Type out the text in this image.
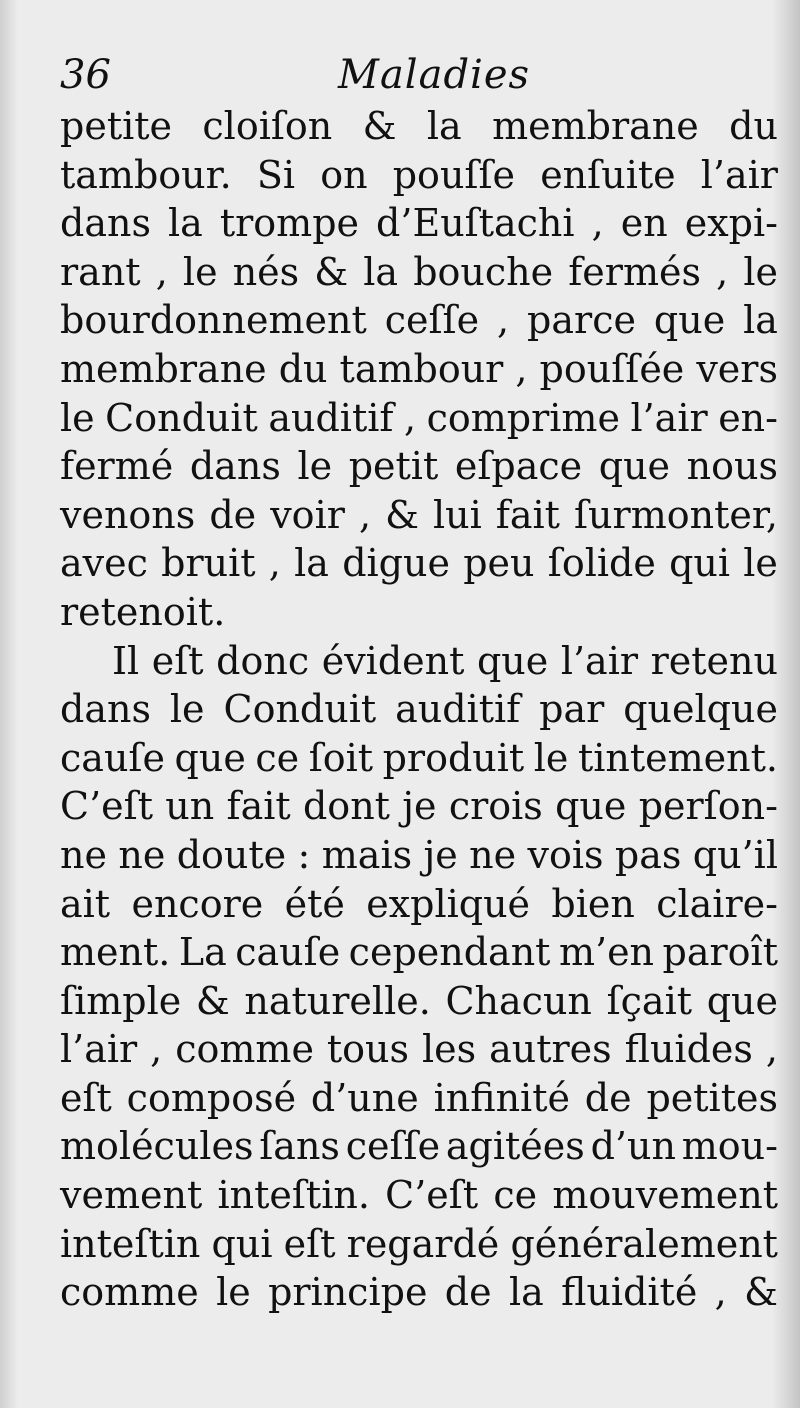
36	Maladies
petite cloiſon & la membrane du
tambour. Si on pouſſe enſuite l’air
dans la trompe d’Euſtachi , en expi-
rant , le nés & la bouche fermés , le
bourdonnement ceſſe , parce que la
membrane du tambour , pouſſée vers
le Conduit auditif , comprime l’air en-
fermé dans le petit eſpace que nous
venons de voir , & lui fait ſurmonter,
avec bruit , la digue peu ſolide qui le
retenoit.
Il eſt donc évident que l’air retenu
dans le Conduit auditif par quelque
cauſe que ce ſoit produit le tintement.
C’eſt un fait dont je crois que perſon-
ne ne doute : mais je ne vois pas qu’il
ait encore été expliqué bien claire-
ment. La cauſe cependant m’en paroît
ſimple & naturelle. Chacun ſçait que
l’air , comme tous les autres fluides ,
eſt composé d’une infinité de petites
molécules ſans ceſſe agitées d’un mou-
vement inteſtin. C’eſt ce mouvement
inteſtin qui eſt regardé généralement
comme le principe de la fluidité , &
